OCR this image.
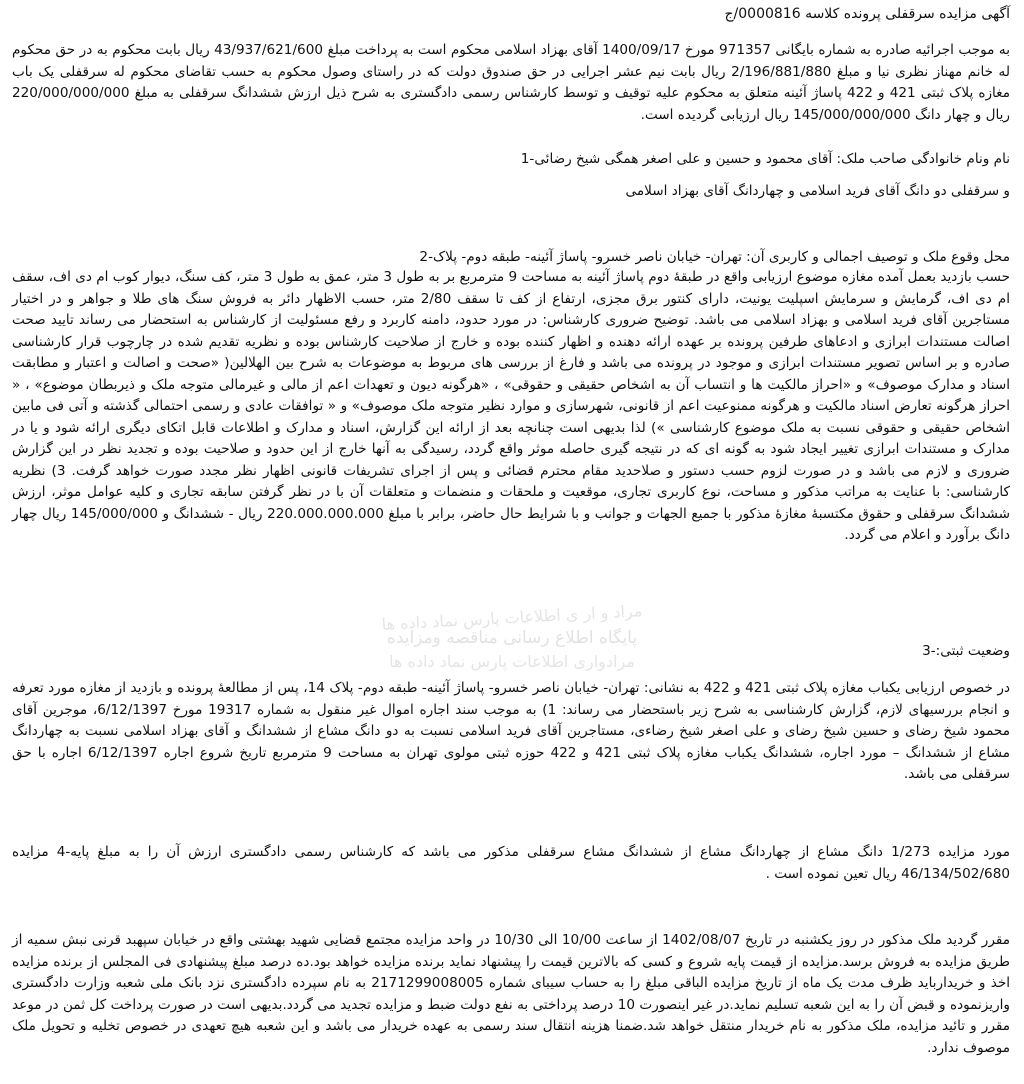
مراد و ار ی اطلاعات پارس نماد داده ها
پایگاه اطلاع رسانی مناقصه ومزایده
مرادواری اطلاعات پارس نماد داده ها
آگهی مزایده سرقفلی پرونده کلاسه 0000816/ج
به موجب اجرائیه صادره به شماره بایگانی 971357 مورخ 1400/09/17 آقای بهزاد اسلامی محکوم است به پرداخت مبلغ 43/937/621/600 ریال بابت محکوم به در حق محکوم له خانم مهناز نظری نیا و مبلغ 2/196/881/880 ریال بابت نیم عشر اجرایی در حق صندوق دولت که در راستای وصول محکوم به حسب تقاضای محکوم له سرقفلی یک باب مغازه پلاک ثبتی 421 و 422 پاساژ آئینه متعلق به محکوم علیه توقیف و توسط کارشناس رسمی دادگستری به شرح ذیل ارزش ششدانگ سرقفلی به مبلغ 220/000/000/000 ریال و چهار دانگ 145/000/000/000 ریال ارزیابی گردیده است.
نام ونام خانوادگی صاحب ملک: آقای محمود و حسین و علی اصغر همگی شیخ رضائی-1
و سرقفلی دو دانگ آقای فرید اسلامی و چهاردانگ آقای بهزاد اسلامی
محل وقوع ملک و توصیف اجمالی و کاربری آن: تهران- خیابان ناصر خسرو- پاساژ آئینه- طبقه دوم- پلاک-2
حسب بازدید بعمل آمده مغازه موضوع ارزیابی واقع در طبقهٔ دوم پاساژ آئینه به مساحت 9 مترمربع بر به طول 3 متر، عمق به طول 3 متر، کف سنگ، دیوار کوب ام دی اف، سقف ام دی اف، گرمایش و سرمایش اسپلیت یونیت، دارای کنتور برق مجزی، ارتفاع از کف تا سقف 2/80 متر، حسب الاظهار دائر به فروش سنگ های طلا و جواهر و در اختیار مستاجرین آقای فرید اسلامی و بهزاد اسلامی می باشد. توضیح ضروری کارشناس: در مورد حدود، دامنه کاربرد و رفع مسئولیت از کارشناس به استحضار می رساند تایید صحت اصالت مستندات ابرازی و ادعاهای طرفین پرونده بر عهده ارائه دهنده و اظهار کننده بوده و خارج از صلاحیت کارشناس بوده و نظریه تقدیم شده در چارچوب قرار کارشناسی صادره و بر اساس تصویر مستندات ابرازی و موجود در پرونده می باشد و فارغ از بررسی های مربوط به موضوعات به شرح بین الهلالین( «صحت و اصالت و اعتبار و مطابقت اسناد و مدارک موصوف» و «احراز مالکیت ها و انتساب آن به اشخاص حقیقی و حقوقی» ، «هرگونه دیون و تعهدات اعم از مالی و غیرمالی متوجه ملک و ذیربطان موضوع» ، « احراز هرگونه تعارض اسناد مالکیت و هرگونه ممنوعیت اعم از قانونی، شهرسازی و موارد نظیر متوجه ملک موصوف» و « توافقات عادی و رسمی احتمالی گذشته و آتی فی مابین اشخاص حقیقی و حقوقی نسبت به ملک موضوع کارشناسی ») لذا بدیهی است چنانچه بعد از ارائه این گزارش، اسناد و مدارک و اطلاعات قابل اتکای دیگری ارائه شود و یا در مدارک و مستندات ابرازی تغییر ایجاد شود به گونه ای که در نتیجه گیری حاصله موثر واقع گردد، رسیدگی به آنها خارج از این حدود و صلاحیت بوده و تجدید نظر در این گزارش ضروری و لازم می باشد و در صورت لزوم حسب دستور و صلاحدید مقام محترم قضائی و پس از اجرای تشریفات قانونی اظهار نظر مجدد صورت خواهد گرفت. 3) نظریه کارشناسی: با عنایت به مراتب مذکور و مساحت، نوع کاربری تجاری، موقعیت و ملحقات و منضمات و متعلقات آن با در نظر گرفتن سابقه تجاری و کلیه عوامل موثر، ارزش ششدانگ سرقفلی و حقوق مکتسبهٔ مغازهٔ مذکور با جمیع الجهات و جوانب و با شرایط حال حاضر، برابر با مبلغ 220.000.000.000 ریال - ششدانگ و 145/000/000 ریال چهار دانگ برآورد و اعلام می گردد.
وضعیت ثبتی:-3
در خصوص ارزیابی یکباب مغازه پلاک ثبتی 421 و 422 به نشانی: تهران- خیابان ناصر خسرو- پاساژ آئینه- طبقه دوم- پلاک 14، پس از مطالعهٔ پرونده و بازدید از مغازه مورد تعرفه و انجام بررسیهای لازم، گزارش کارشناسی به شرح زیر باستحضار می رساند: 1) به موجب سند اجاره اموال غیر منقول به شماره 19317 مورخ 6/12/1397، موجرین آقای محمود شیخ رضای و حسین شیخ رضای و علی اصغر شیخ رضاءی، مستاجرین آقای فرید اسلامی نسبت به دو دانگ مشاع از ششدانگ و آقای بهزاد اسلامی نسبت به چهاردانگ مشاع از ششدانگ – مورد اجاره، ششدانگ یکباب مغازه پلاک ثبتی 421 و 422 حوزه ثبتی مولوی تهران به مساحت 9 مترمربع تاریخ شروع اجاره 6/12/1397 اجاره با حق سرقفلی می باشد.
مورد مزایده 1/273 دانگ مشاع از چهاردانگ مشاع از ششدانگ مشاع سرقفلی مذکور می باشد که کارشناس رسمی دادگستری ارزش آن را به مبلغ پایه-4 مزایده 46/134/502/680 ریال تعین نموده است .
مقرر گردید ملک مذکور در روز یکشنبه در تاریخ 1402/08/07 از ساعت 10/00 الی 10/30 در واحد مزایده مجتمع قضایی شهید بهشتی واقع در خیابان سپهبد قرنی نبش سمیه از طریق مزایده به فروش برسد.مزایده از قیمت پایه شروع و کسی که بالاترین قیمت را پیشنهاد نماید برنده مزایده خواهد بود.ده درصد مبلغ پیشنهادی فی المجلس از برنده مزایده اخذ و خریدارباید ظرف مدت یک ماه از تاریخ مزایده الباقی مبلغ را به حساب سیبای شماره 2171299008005 به نام سپرده دادگستری نزد بانک ملی شعبه وزارت دادگستری واریزنموده و قبض آن را به این شعبه تسلیم نماید.در غیر اینصورت 10 درصد پرداختی به نفع دولت ضبط و مزایده تجدید می گردد.بدیهی است در صورت پرداخت کل ثمن در موعد مقرر و تائید مزایده، ملک مذکور به نام خریدار منتقل خواهد شد.ضمنا هزینه انتقال سند رسمی به عهده خریدار می باشد و این شعبه هیچ تعهدی در خصوص تخلیه و تحویل ملک موصوف ندارد.
